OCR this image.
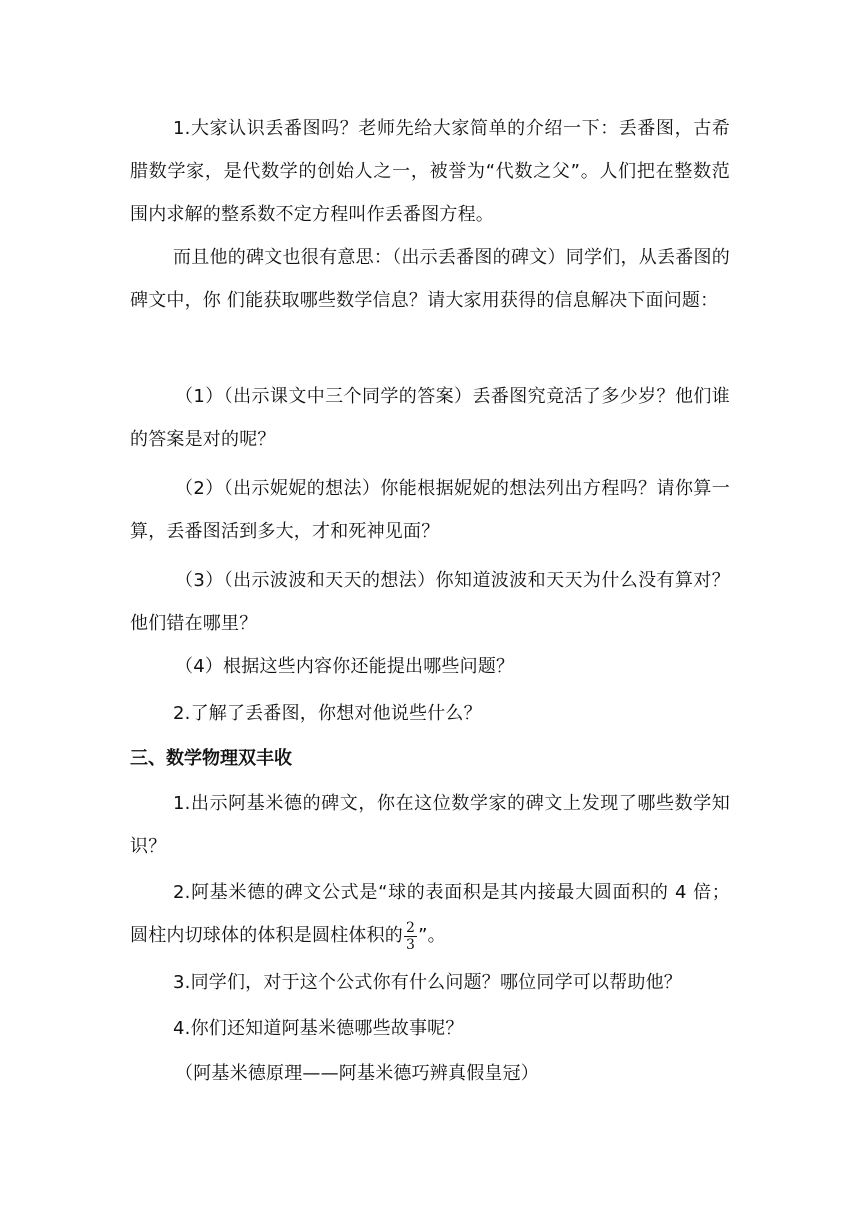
1.大家认识丢番图吗？老师先给大家简单的介绍一下：丢番图，古希腊数学家，是代数学的创始人之一，被誉为“代数之父”。人们把在整数范围内求解的整系数不定方程叫作丢番图方程。

而且他的碑文也很有意思：（出示丢番图的碑文）同学们，从丢番图的碑文中，你 们能获取哪些数学信息？请大家用获得的信息解决下面问题：

（1）（出示课文中三个同学的答案）丢番图究竟活了多少岁？他们谁的答案是对的呢？

（2）（出示妮妮的想法）你能根据妮妮的想法列出方程吗？请你算一算，丢番图活到多大，才和死神见面？

（3）（出示波波和天天的想法）你知道波波和天天为什么没有算对？他们错在哪里？

（4）根据这些内容你还能提出哪些问题？

2.了解了丢番图，你想对他说些什么？

三、数学物理双丰收

1.出示阿基米德的碑文，你在这位数学家的碑文上发现了哪些数学知识？

2.阿基米德的碑文公式是“球的表面积是其内接最大圆面积的 4 倍；圆柱内切球体的体积是圆柱体积的 $\frac{2}{3}$ ”。

3.同学们，对于这个公式你有什么问题？哪位同学可以帮助他？

4.你们还知道阿基米德哪些故事呢？

（阿基米德原理——阿基米德巧辨真假皇冠）
